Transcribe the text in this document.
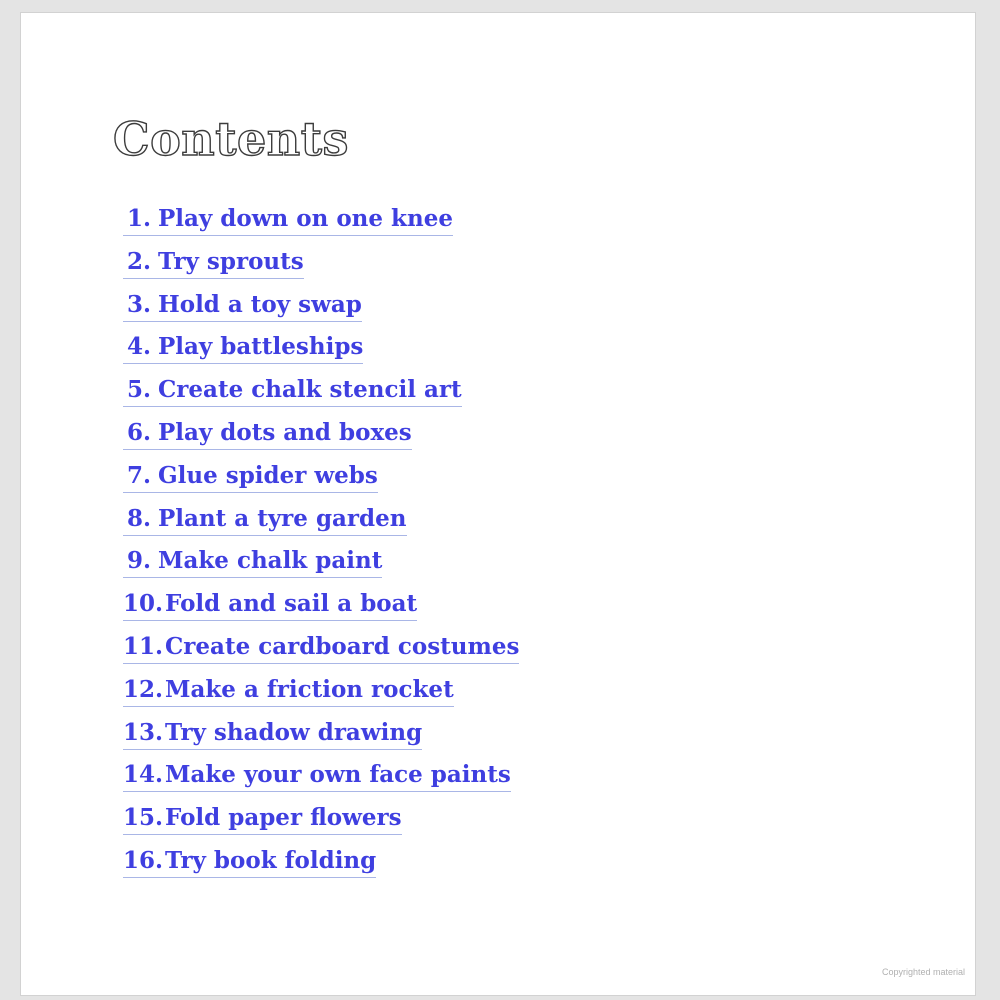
Contents
1. Play down on one knee
2. Try sprouts
3. Hold a toy swap
4. Play battleships
5. Create chalk stencil art
6. Play dots and boxes
7. Glue spider webs
8. Plant a tyre garden
9. Make chalk paint
10.Fold and sail a boat
11.Create cardboard costumes
12.Make a friction rocket
13.Try shadow drawing
14.Make your own face paints
15.Fold paper flowers
16.Try book folding
Copyrighted material
